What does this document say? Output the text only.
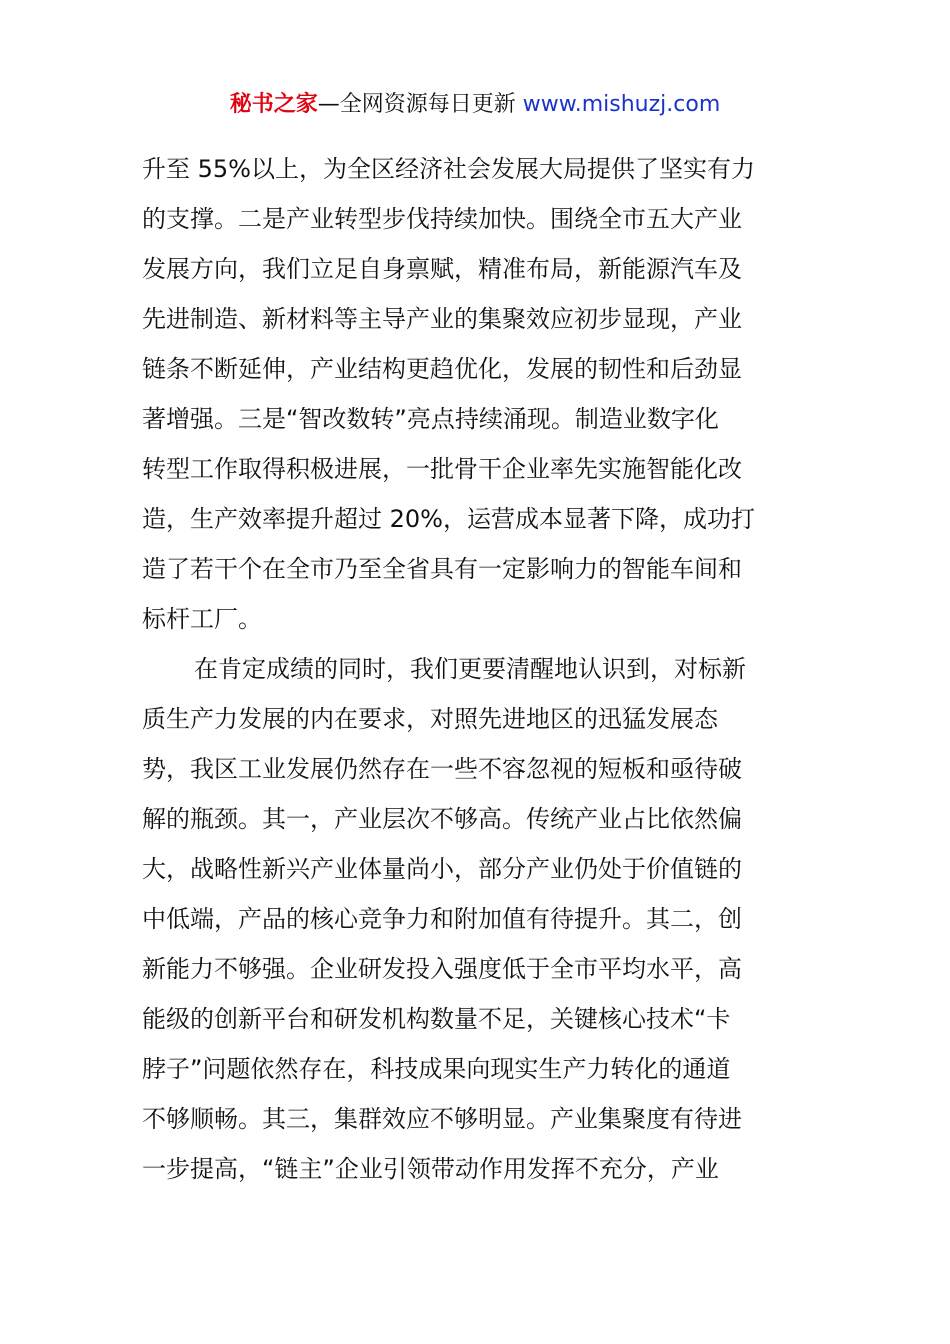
秘书之家—全网资源每日更新 www.mishuzj.com
升至 55%以上，为全区经济社会发展大局提供了坚实有力
的支撑。二是产业转型步伐持续加快。围绕全市五大产业
发展方向，我们立足自身禀赋，精准布局，新能源汽车及
先进制造、新材料等主导产业的集聚效应初步显现，产业
链条不断延伸，产业结构更趋优化，发展的韧性和后劲显
著增强。三是“智改数转”亮点持续涌现。制造业数字化
转型工作取得积极进展，一批骨干企业率先实施智能化改
造，生产效率提升超过 20%，运营成本显著下降，成功打
造了若干个在全市乃至全省具有一定影响力的智能车间和
标杆工厂。
在肯定成绩的同时，我们更要清醒地认识到，对标新
质生产力发展的内在要求，对照先进地区的迅猛发展态
势，我区工业发展仍然存在一些不容忽视的短板和亟待破
解的瓶颈。其一，产业层次不够高。传统产业占比依然偏
大，战略性新兴产业体量尚小，部分产业仍处于价值链的
中低端，产品的核心竞争力和附加值有待提升。其二，创
新能力不够强。企业研发投入强度低于全市平均水平，高
能级的创新平台和研发机构数量不足，关键核心技术“卡
脖子”问题依然存在，科技成果向现实生产力转化的通道
不够顺畅。其三，集群效应不够明显。产业集聚度有待进
一步提高，“链主”企业引领带动作用发挥不充分，产业
